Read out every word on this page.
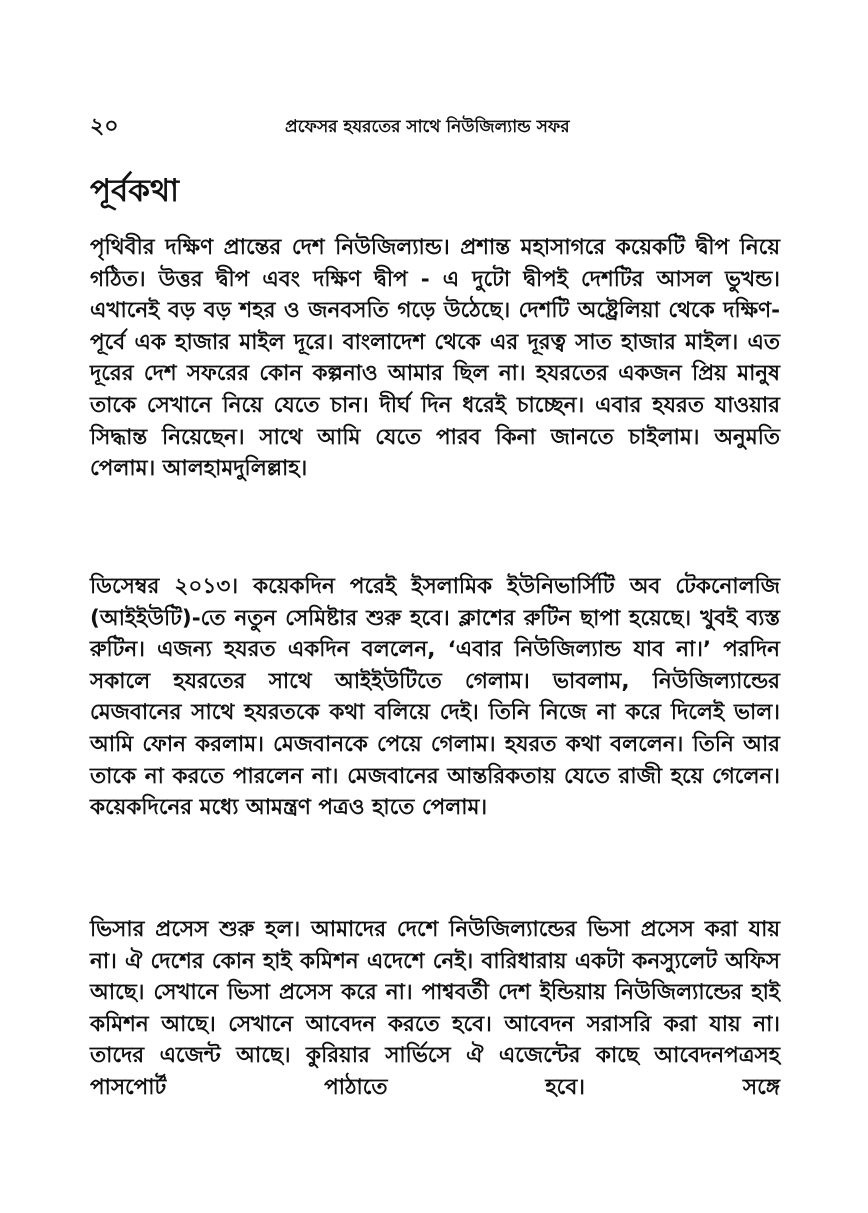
২০	প্রফেসর হযরতের সাথে নিউজিল্যান্ড সফর
পূর্বকথা

পৃথিবীর দক্ষিণ প্রান্তের দেশ নিউজিল্যান্ড। প্রশান্ত মহাসাগরে কয়েকটি দ্বীপ নিয়ে গঠিত। উত্তর দ্বীপ এবং দক্ষিণ দ্বীপ - এ দুটো দ্বীপই দেশটির আসল ভুখন্ড। এখানেই বড় বড় শহর ও জনবসতি গড়ে উঠেছে। দেশটি অষ্ট্রেলিয়া থেকে দক্ষিণ-পূর্বে এক হাজার মাইল দূরে। বাংলাদেশ থেকে এর দূরত্ব সাত হাজার মাইল। এত দূরের দেশ সফরের কোন কল্পনাও আমার ছিল না। হযরতের একজন প্রিয় মানুষ তাকে সেখানে নিয়ে যেতে চান। দীর্ঘ দিন ধরেই চাচ্ছেন। এবার হযরত যাওয়ার সিদ্ধান্ত নিয়েছেন। সাথে আমি যেতে পারব কিনা জানতে চাইলাম। অনুমতি পেলাম। আলহামদুলিল্লাহ।

ডিসেম্বর ২০১৩। কয়েকদিন পরেই ইসলামিক ইউনিভার্সিটি অব টেকনোলজি (আইইউটি)-তে নতুন সেমিষ্টার শুরু হবে। ক্লাশের রুটিন ছাপা হয়েছে। খুবই ব্যস্ত রুটিন। এজন্য হযরত একদিন বললেন, ‘এবার নিউজিল্যান্ড যাব না।’ পরদিন সকালে হযরতের সাথে আইইউটিতে গেলাম। ভাবলাম, নিউজিল্যান্ডের মেজবানের সাথে হযরতকে কথা বলিয়ে দেই। তিনি নিজে না করে দিলেই ভাল। আমি ফোন করলাম। মেজবানকে পেয়ে গেলাম। হযরত কথা বললেন। তিনি আর তাকে না করতে পারলেন না। মেজবানের আন্তরিকতায় যেতে রাজী হয়ে গেলেন। কয়েকদিনের মধ্যে আমন্ত্রণ পত্রও হাতে পেলাম।

ভিসার প্রসেস শুরু হল। আমাদের দেশে নিউজিল্যান্ডের ভিসা প্রসেস করা যায় না। ঐ দেশের কোন হাই কমিশন এদেশে নেই। বারিধারায় একটা কনস্যুলেট অফিস আছে। সেখানে ভিসা প্রসেস করে না। পাশ্ববর্তী দেশ ইন্ডিয়ায় নিউজিল্যান্ডের হাই কমিশন আছে। সেখানে আবেদন করতে হবে। আবেদন সরাসরি করা যায় না। তাদের এজেন্ট আছে। কুরিয়ার সার্ভিসে ঐ এজেন্টের কাছে আবেদনপত্রসহ পাসপোর্ট পাঠাতে হবে। সঙ্গে
